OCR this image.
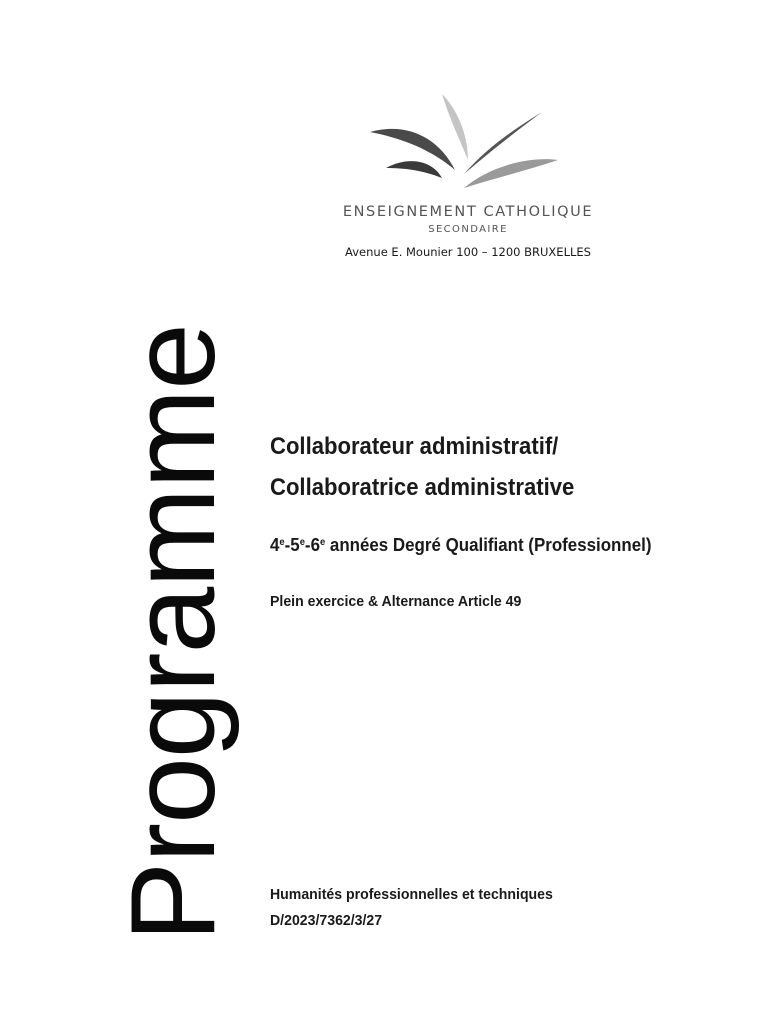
ENSEIGNEMENT CATHOLIQUE
SECONDAIRE
Avenue E. Mounier 100 – 1200 BRUXELLES
Programme Collaborateur administratif/
Collaboratrice administrative
4e-5e-6e années Degré Qualifiant (Professionnel)
Plein exercice & Alternance Article 49
Humanités professionnelles et techniques
D/2023/7362/3/27
